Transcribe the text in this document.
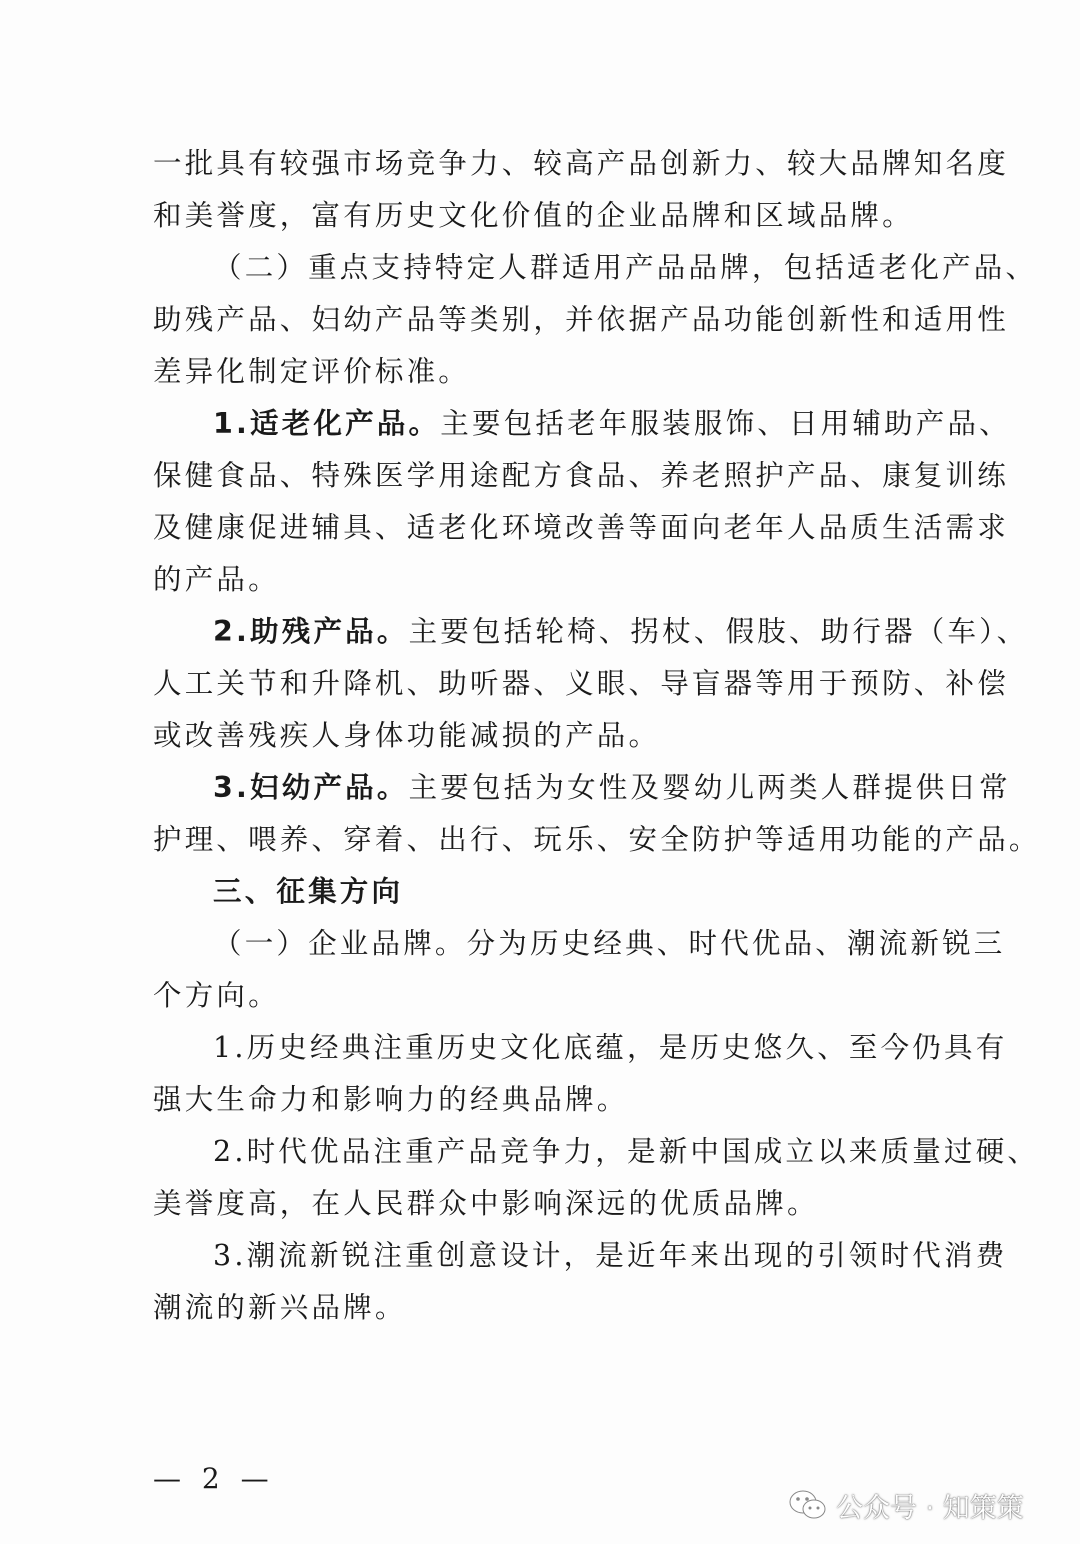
一批具有较强市场竞争力、较高产品创新力、较大品牌知名度
和美誉度，富有历史文化价值的企业品牌和区域品牌。
（二）重点支持特定人群适用产品品牌，包括适老化产品、
助残产品、妇幼产品等类别，并依据产品功能创新性和适用性
差异化制定评价标准。
1.适老化产品。主要包括老年服装服饰、日用辅助产品、
保健食品、特殊医学用途配方食品、养老照护产品、康复训练
及健康促进辅具、适老化环境改善等面向老年人品质生活需求
的产品。
2.助残产品。主要包括轮椅、拐杖、假肢、助行器（车）、
人工关节和升降机、助听器、义眼、导盲器等用于预防、补偿
或改善残疾人身体功能减损的产品。
3.妇幼产品。主要包括为女性及婴幼儿两类人群提供日常
护理、喂养、穿着、出行、玩乐、安全防护等适用功能的产品。
三、征集方向
（一）企业品牌。分为历史经典、时代优品、潮流新锐三
个方向。
1.历史经典注重历史文化底蕴，是历史悠久、至今仍具有
强大生命力和影响力的经典品牌。
2.时代优品注重产品竞争力，是新中国成立以来质量过硬、
美誉度高，在人民群众中影响深远的优质品牌。
3.潮流新锐注重创意设计，是近年来出现的引领时代消费
潮流的新兴品牌。
— 2 —
公众号 · 知策策
